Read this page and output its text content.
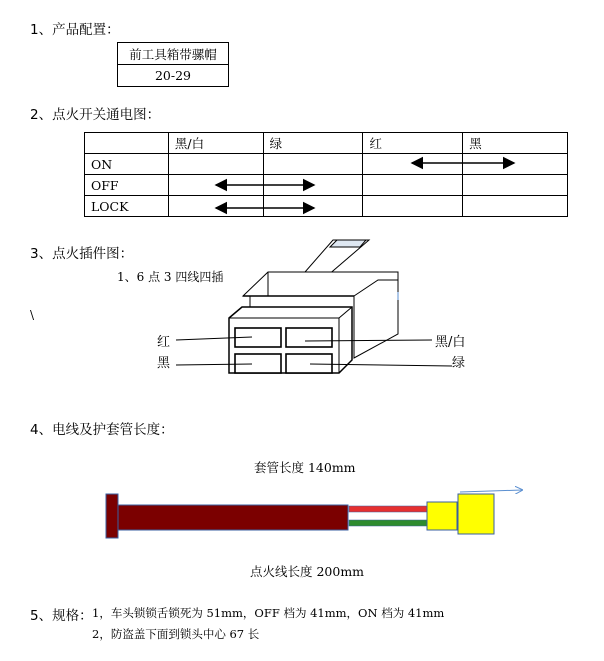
1、产品配置：
前工具箱带骡帽
20-29
2、点火开关通电图：
	黑/白	绿	红	黑
ON				
OFF				
LOCK				
3、点火插件图：
1、6 点 3 四线四插
\
红
黑
黑/白
绿
4、电线及护套管长度：
套管长度 140mm
点火线长度 200mm
5、规格： 1，车头锁锁舌锁死为 51mm，OFF 档为 41mm，ON 档为 41mm
2，防盗盖下面到锁头中心 67 长
